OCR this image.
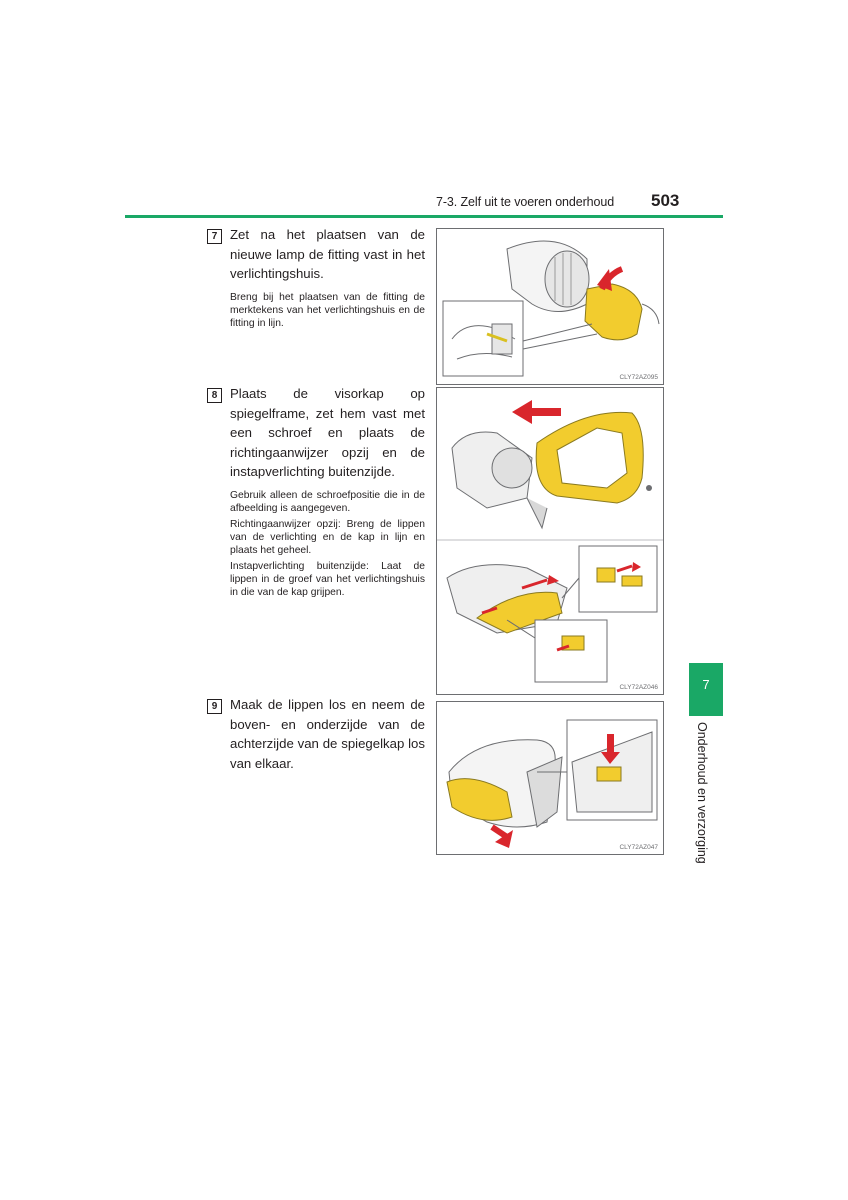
7-3. Zelf uit te voeren onderhoud 503
7
Onderhoud en verzorging
7 Zet na het plaatsen van de nieuwe lamp de fitting vast in het verlichtingshuis.
Breng bij het plaatsen van de fitting de merktekens van het verlichtingshuis en de fitting in lijn.
CLY72AZ095
8 Plaats de visorkap op spiegelframe, zet hem vast met een schroef en plaats de richtingaanwijzer opzij en de instapverlichting buitenzijde.
Gebruik alleen de schroefpositie die in de afbeelding is aangegeven.
Richtingaanwijzer opzij: Breng de lippen van de verlichting en de kap in lijn en plaats het geheel.
Instapverlichting buitenzijde: Laat de lippen in de groef van het verlichtingshuis in die van de kap grijpen.
CLY72AZ046
9 Maak de lippen los en neem de boven- en onderzijde van de achterzijde van de spiegelkap los van elkaar.
CLY72AZ047
